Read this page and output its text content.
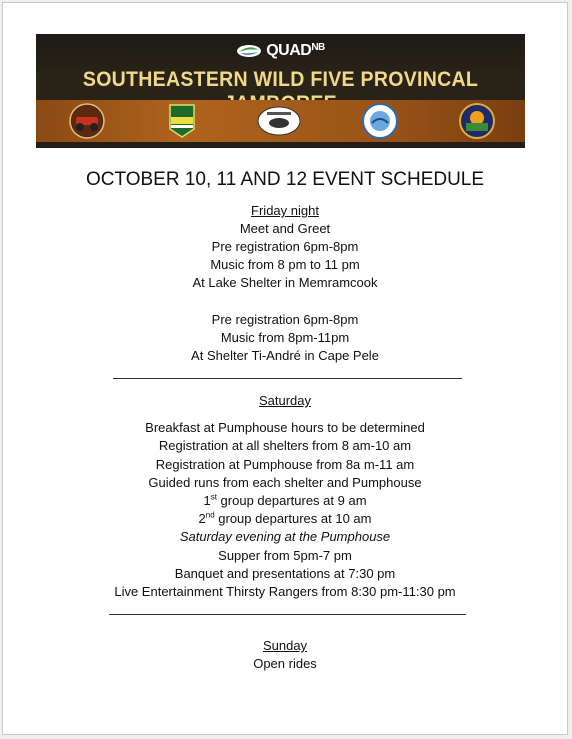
$QUAD^{NB}$
SOUTHEASTERN WILD FIVE PROVINCAL
OCTOBER 10, 11 AND 12 EVENT SCHEDULE
Friday night
Meet and Greet
Pre registration 6pm-8pm
Music from 8 pm to 11 pm
At Lake Shelter in Memramcook
Pre registration 6pm-8pm
Music from 8pm-11pm
At Shelter Ti-André in Cape Pele
Saturday
Breakfast at Pumphouse hours to be determined
Registration at all shelters from 8 am-10 am
Registration at Pumphouse from 8a m-11 am
Guided runs from each shelter and Pumphouse
1st group departures at 9 am
2nd group departures at 10 am
Saturday evening at the Pumphouse
Supper from 5pm-7 pm
Banquet and presentations at 7:30 pm
Live Entertainment Thirsty Rangers from 8:30 pm-11:30 pm
Sunday
Open rides
